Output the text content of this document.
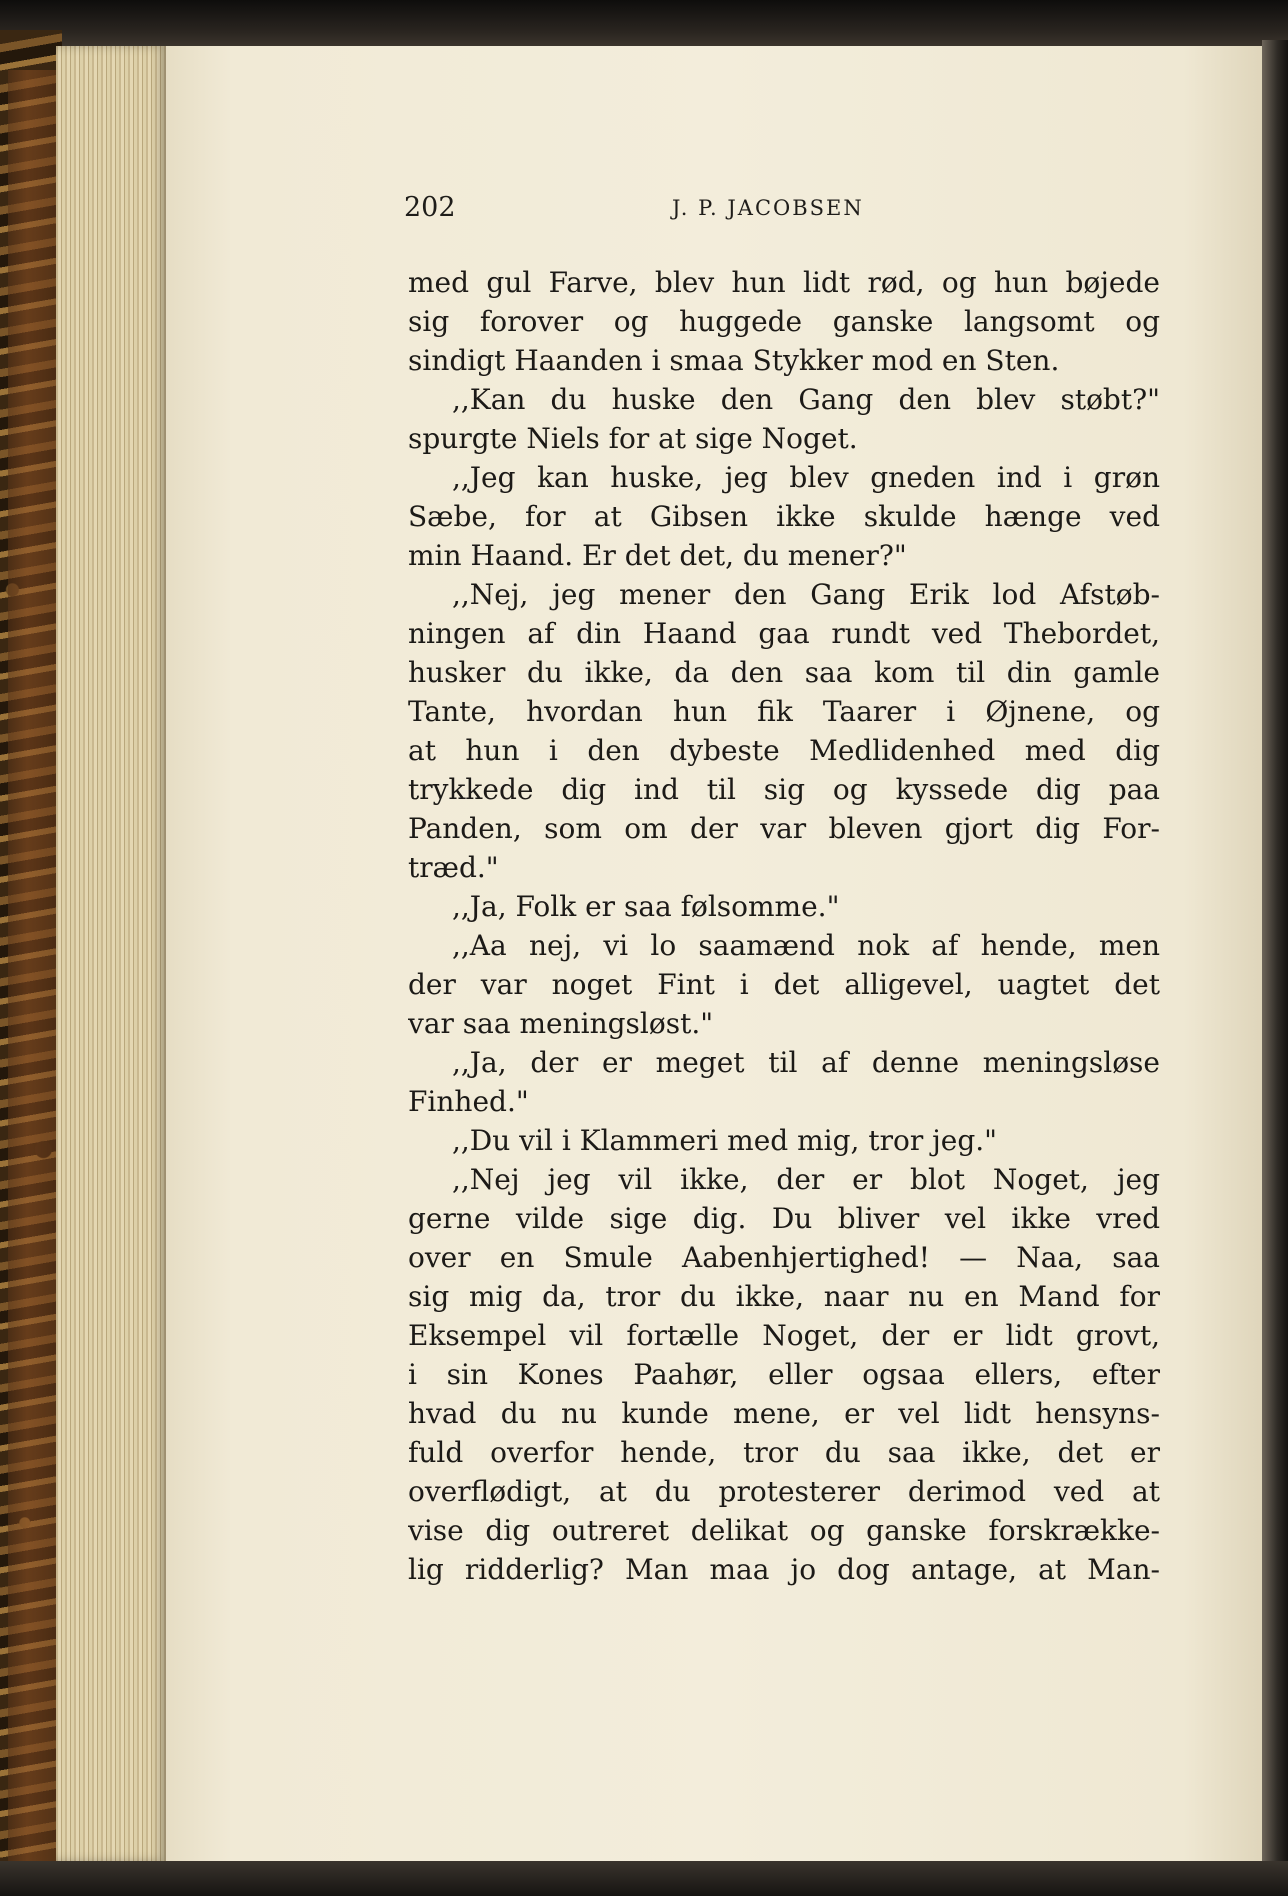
202	J. P. JACOBSEN
med gul Farve, blev hun lidt rød, og hun bøjede
sig forover og huggede ganske langsomt og
sindigt Haanden i smaa Stykker mod en Sten.
,,Kan du huske den Gang den blev støbt?"
spurgte Niels for at sige Noget.
,,Jeg kan huske, jeg blev gneden ind i grøn
Sæbe, for at Gibsen ikke skulde hænge ved
min Haand. Er det det, du mener?"
,,Nej, jeg mener den Gang Erik lod Afstøb-
ningen af din Haand gaa rundt ved Thebordet,
husker du ikke, da den saa kom til din gamle
Tante, hvordan hun fik Taarer i Øjnene, og
at hun i den dybeste Medlidenhed med dig
trykkede dig ind til sig og kyssede dig paa
Panden, som om der var bleven gjort dig For-
træd."
,,Ja, Folk er saa følsomme."
,,Aa nej, vi lo saamænd nok af hende, men
der var noget Fint i det alligevel, uagtet det
var saa meningsløst."
,,Ja, der er meget til af denne meningsløse
Finhed."
,,Du vil i Klammeri med mig, tror jeg."
,,Nej jeg vil ikke, der er blot Noget, jeg
gerne vilde sige dig. Du bliver vel ikke vred
over en Smule Aabenhjertighed! — Naa, saa
sig mig da, tror du ikke, naar nu en Mand for
Eksempel vil fortælle Noget, der er lidt grovt,
i sin Kones Paahør, eller ogsaa ellers, efter
hvad du nu kunde mene, er vel lidt hensyns-
fuld overfor hende, tror du saa ikke, det er
overflødigt, at du protesterer derimod ved at
vise dig outreret delikat og ganske forskrække-
lig ridderlig? Man maa jo dog antage, at Man-
